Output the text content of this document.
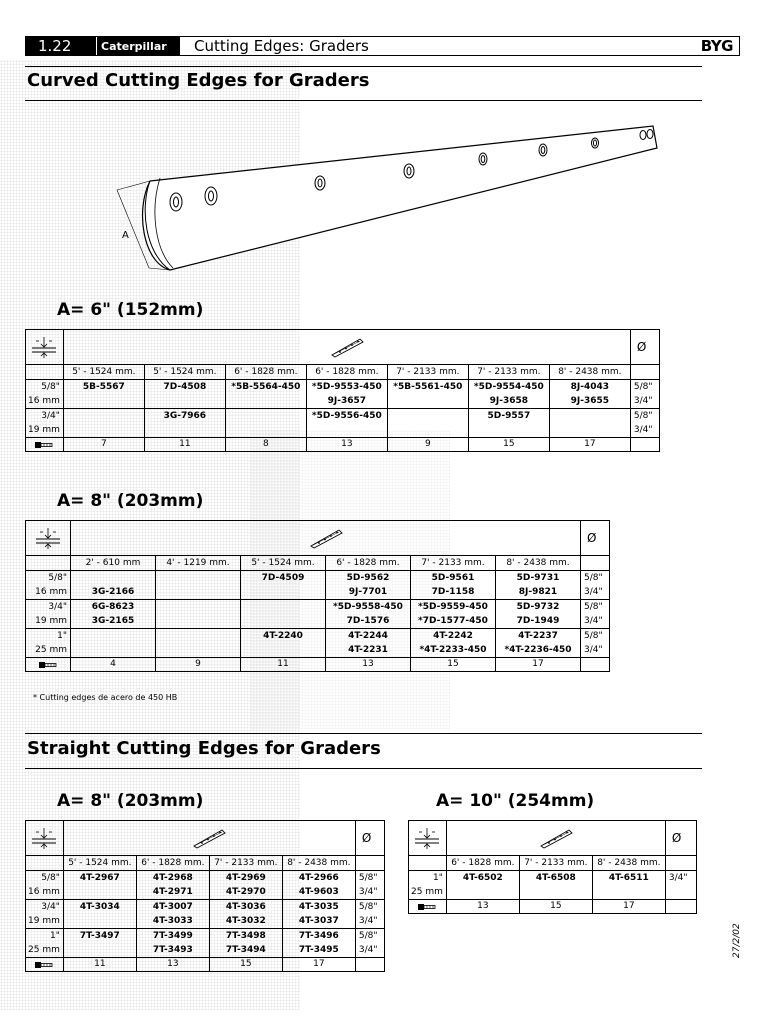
1.22	Caterpillar	Cutting Edges: Graders	BYG
Curved Cutting Edges for Graders
A
A= 6" (152mm)

	Ø
	5' - 1524 mm.	5' - 1524 mm.	6' - 1828 mm.	6' - 1828 mm.	7' - 2133 mm.	7' - 2133 mm.	8' - 2438 mm.	
5/8"	5B-5567	7D-4508	*5B-5564-450	*5D-9553-450	*5B-5561-450	*5D-9554-450	8J-4043	5/8"
16 mm				9J-3657		9J-3658	9J-3655	3/4"
3/4"		3G-7966		*5D-9556-450		5D-9557		5/8"
19 mm								3/4"

	7	11	8	13	9	15	17	
A= 8" (203mm)

	Ø
	2' - 610 mm	4' - 1219 mm.	5' - 1524 mm.	6' - 1828 mm.	7' - 2133 mm.	8' - 2438 mm.	
5/8"			7D-4509	5D-9562	5D-9561	5D-9731	5/8"
16 mm	3G-2166			9J-7701	7D-1158	8J-9821	3/4"
3/4"	6G-8623			*5D-9558-450	*5D-9559-450	5D-9732	5/8"
19 mm	3G-2165			7D-1576	*7D-1577-450	7D-1949	3/4"
1"			4T-2240	4T-2244	4T-2242	4T-2237	5/8"
25 mm				4T-2231	*4T-2233-450	*4T-2236-450	3/4"

	4	9	11	13	15	17	
* Cutting edges de acero de 450 HB
Straight Cutting Edges for Graders
A= 8" (203mm)

	Ø
	5' - 1524 mm.	6' - 1828 mm.	7' - 2133 mm.	8' - 2438 mm.	
5/8"	4T-2967	4T-2968	4T-2969	4T-2966	5/8"
16 mm		4T-2971	4T-2970	4T-9603	3/4"
3/4"	4T-3034	4T-3007	4T-3036	4T-3035	5/8"
19 mm		4T-3033	4T-3032	4T-3037	3/4"
1"	7T-3497	7T-3499	7T-3498	7T-3496	5/8"
25 mm		7T-3493	7T-3494	7T-3495	3/4"

	11	13	15	17	
A= 10" (254mm)

	Ø
	6' - 1828 mm.	7' - 2133 mm.	8' - 2438 mm.	
1"	4T-6502	4T-6508	4T-6511	3/4"
25 mm				

	13	15	17	
27/2/02
